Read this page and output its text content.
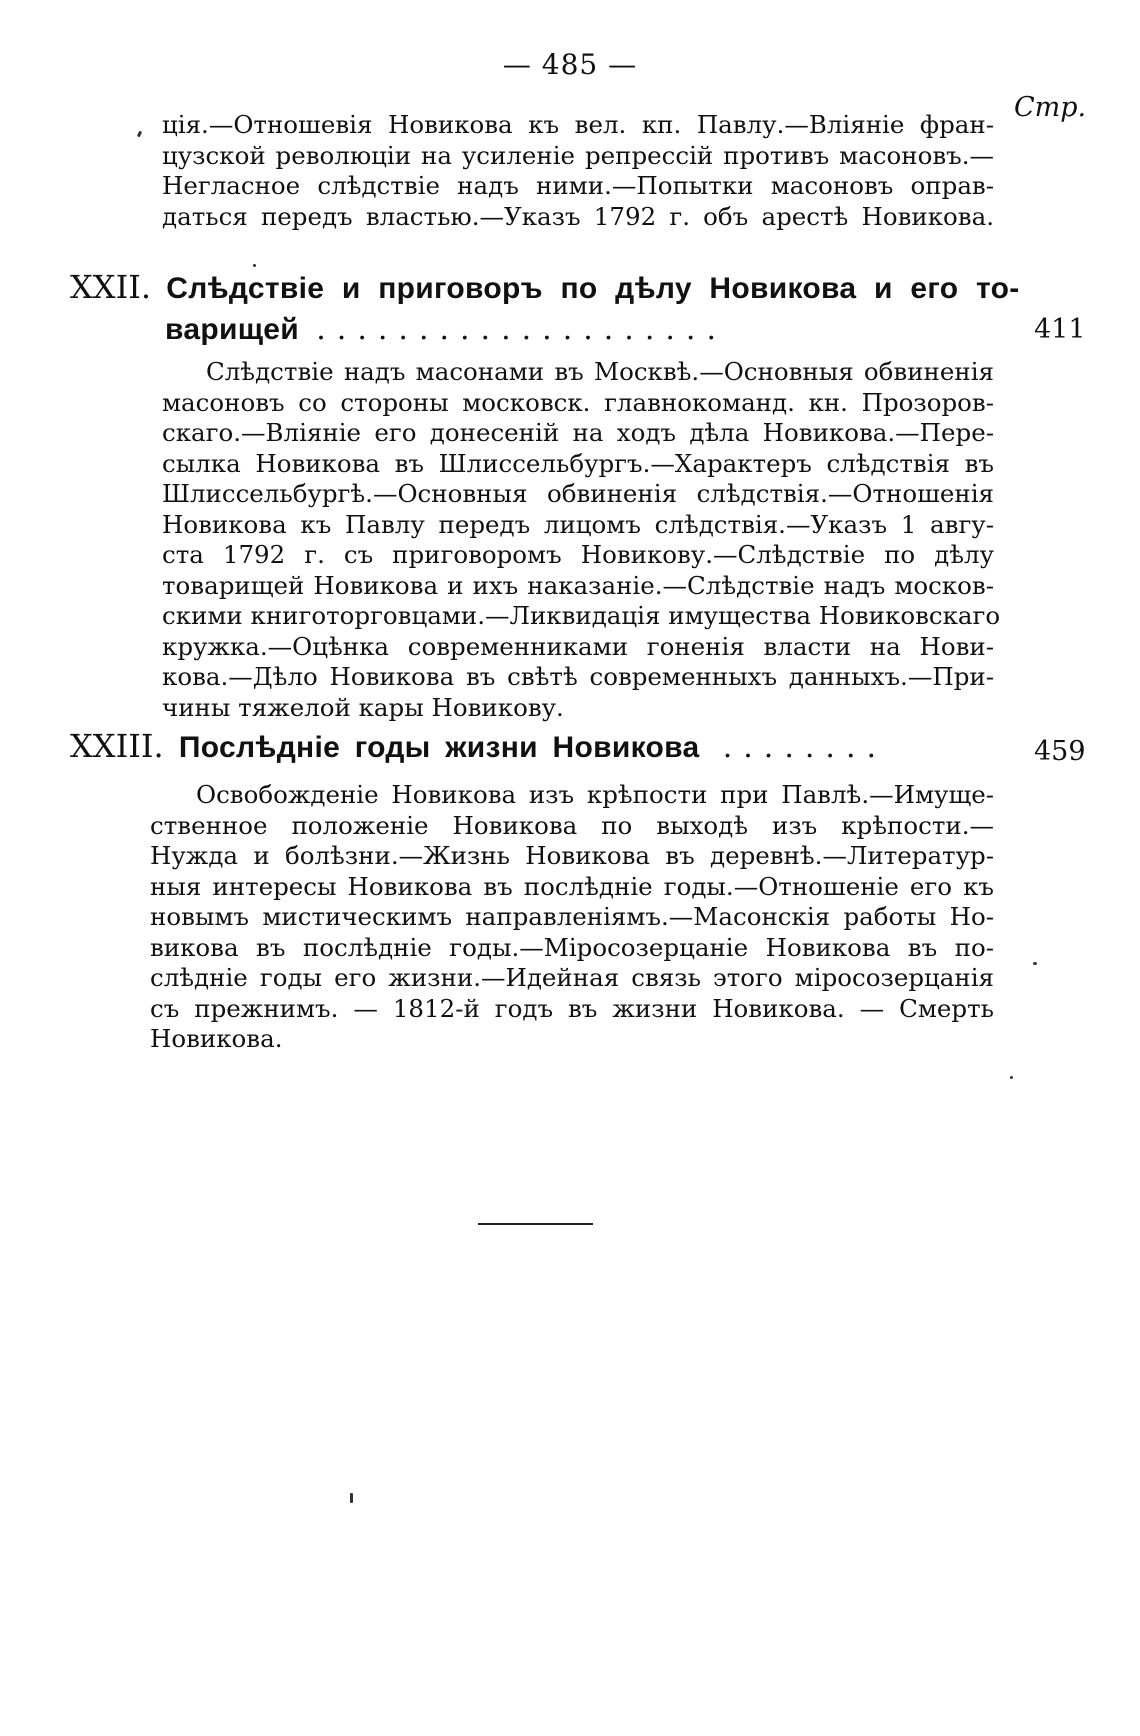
— 485 —
Стр.
ція.—Отношевія Новикова къ вел. кп. Павлу.—Вліяніе фран-
цузской революціи на усиленіе репрессій противъ масоновъ.—
Негласное слѣдствіе надъ ними.—Попытки масоновъ оправ-
даться передъ властью.—Указъ 1792 г. объ арестѣ Новикова.
XXII. Слѣдствіе и приговоръ по дѣлу Новикова и его то-
варищей ....................	411
Слѣдствіе надъ масонами въ Москвѣ.—Основныя обвиненія
масоновъ со стороны московск. главнокоманд. кн. Прозоров-
скаго.—Вліяніе его донесеній на ходъ дѣла Новикова.—Пере-
сылка Новикова въ Шлиссельбургъ.—Характеръ слѣдствія въ
Шлиссельбургѣ.—Основныя обвиненія слѣдствія.—Отношенія
Новикова къ Павлу передъ лицомъ слѣдствія.—Указъ 1 авгу-
ста 1792 г. съ приговоромъ Новикову.—Слѣдствіе по дѣлу
товарищей Новикова и ихъ наказаніе.—Слѣдствіе надъ москов-
скими книготорговцами.—Ликвидація имущества Новиковскаго
кружка.—Оцѣнка современниками гоненія власти на Нови-
кова.—Дѣло Новикова въ свѣтѣ современныхъ данныхъ.—При-
чины тяжелой кары Новикову.
XXIII. Послѣдніе годы жизни Новикова ........	459
Освобожденіе Новикова изъ крѣпости при Павлѣ.—Имуще-
ственное положеніе Новикова по выходѣ изъ крѣпости.—
Нужда и болѣзни.—Жизнь Новикова въ деревнѣ.—Литератур-
ныя интересы Новикова въ послѣдніе годы.—Отношеніе его къ
новымъ мистическимъ направленіямъ.—Масонскія работы Но-
викова въ послѣдніе годы.—Міросозерцаніе Новикова въ по-
слѣдніе годы его жизни.—Идейная связь этого міросозерцанія
съ прежнимъ. — 1812-й годъ въ жизни Новикова. — Смерть
Новикова.
